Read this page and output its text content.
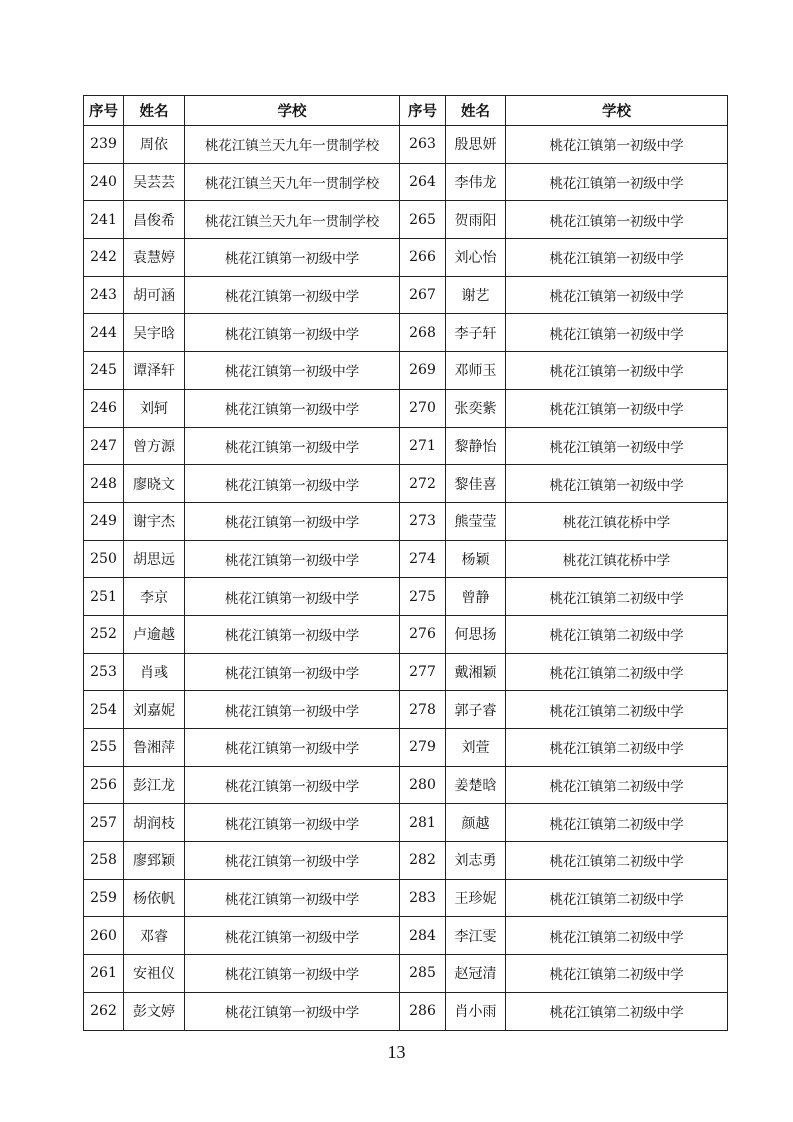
序号	姓名	学校	序号	姓名	学校
239	周依	桃花江镇兰天九年一贯制学校	263	殷思妍	桃花江镇第一初级中学
240	吴芸芸	桃花江镇兰天九年一贯制学校	264	李伟龙	桃花江镇第一初级中学
241	昌俊希	桃花江镇兰天九年一贯制学校	265	贺雨阳	桃花江镇第一初级中学
242	袁慧婷	桃花江镇第一初级中学	266	刘心怡	桃花江镇第一初级中学
243	胡可涵	桃花江镇第一初级中学	267	谢艺	桃花江镇第一初级中学
244	吴宇晗	桃花江镇第一初级中学	268	李子轩	桃花江镇第一初级中学
245	谭泽轩	桃花江镇第一初级中学	269	邓师玉	桃花江镇第一初级中学
246	刘轲	桃花江镇第一初级中学	270	张奕紫	桃花江镇第一初级中学
247	曾方源	桃花江镇第一初级中学	271	黎静怡	桃花江镇第一初级中学
248	廖晓文	桃花江镇第一初级中学	272	黎佳喜	桃花江镇第一初级中学
249	谢宇杰	桃花江镇第一初级中学	273	熊莹莹	桃花江镇花桥中学
250	胡思远	桃花江镇第一初级中学	274	杨颖	桃花江镇花桥中学
251	李京	桃花江镇第一初级中学	275	曾静	桃花江镇第二初级中学
252	卢逾越	桃花江镇第一初级中学	276	何思扬	桃花江镇第二初级中学
253	肖彧	桃花江镇第一初级中学	277	戴湘颖	桃花江镇第二初级中学
254	刘嘉妮	桃花江镇第一初级中学	278	郭子睿	桃花江镇第二初级中学
255	鲁湘萍	桃花江镇第一初级中学	279	刘萱	桃花江镇第二初级中学
256	彭江龙	桃花江镇第一初级中学	280	姜楚晗	桃花江镇第二初级中学
257	胡润枝	桃花江镇第一初级中学	281	颜越	桃花江镇第二初级中学
258	廖郅颖	桃花江镇第一初级中学	282	刘志勇	桃花江镇第二初级中学
259	杨依帆	桃花江镇第一初级中学	283	王珍妮	桃花江镇第二初级中学
260	邓睿	桃花江镇第一初级中学	284	李江雯	桃花江镇第二初级中学
261	安祖仪	桃花江镇第一初级中学	285	赵冠清	桃花江镇第二初级中学
262	彭文婷	桃花江镇第一初级中学	286	肖小雨	桃花江镇第二初级中学
13
